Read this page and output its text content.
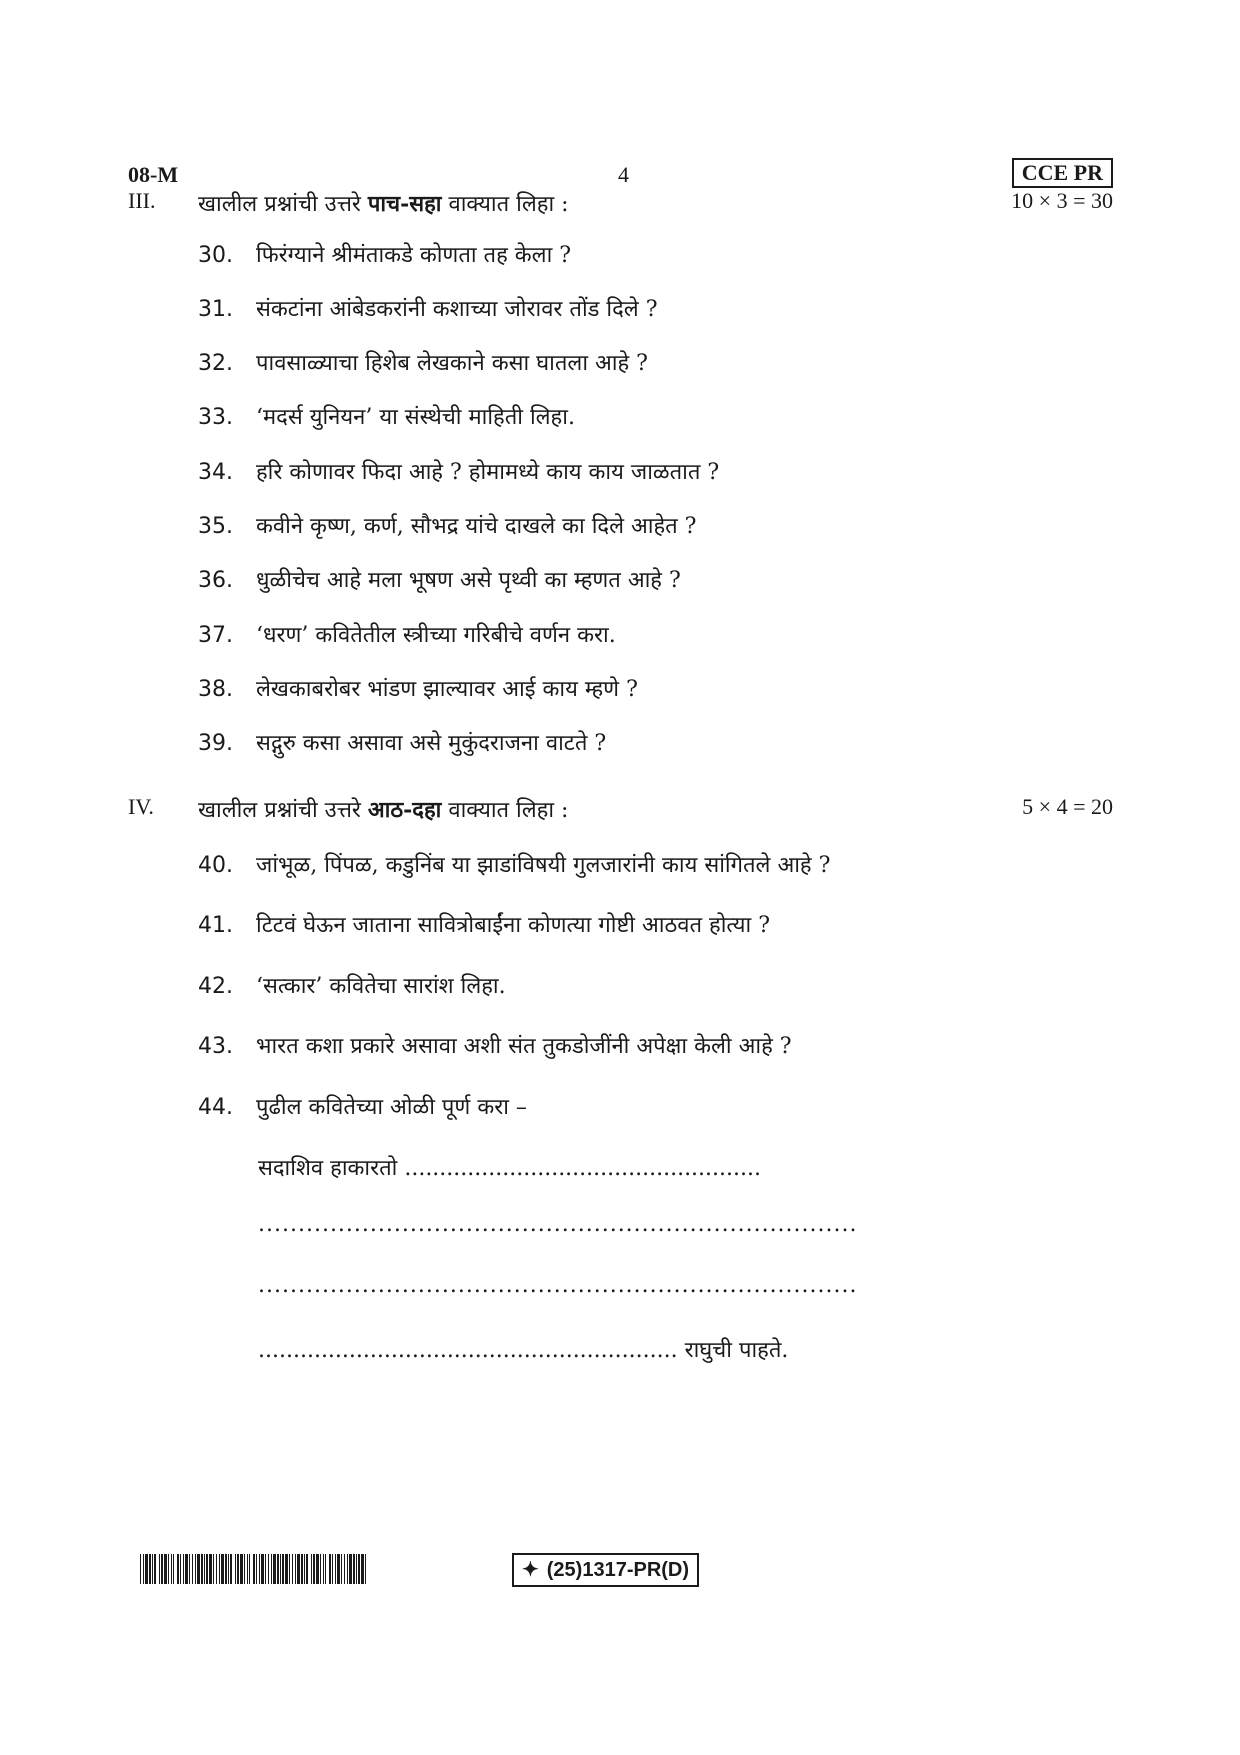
08-M	4	CCE PR
III. खालील प्रश्नांची उत्तरे पाच-सहा वाक्यात लिहा :	10 × 3 = 30
30. फिरंग्याने श्रीमंताकडे कोणता तह केला ?
31. संकटांना आंबेडकरांनी कशाच्या जोरावर तोंड दिले ?
32. पावसाळ्याचा हिशेब लेखकाने कसा घातला आहे ?
33. ‘मदर्स युनियन’ या संस्थेची माहिती लिहा.
34. हरि कोणावर फिदा आहे ? होमामध्ये काय काय जाळतात ?
35. कवीने कृष्ण, कर्ण, सौभद्र यांचे दाखले का दिले आहेत ?
36. धुळीचेच आहे मला भूषण असे पृथ्वी का म्हणत आहे ?
37. ‘धरण’ कवितेतील स्त्रीच्या गरिबीचे वर्णन करा.
38. लेखकाबरोबर भांडण झाल्यावर आई काय म्हणे ?
39. सद्गुरु कसा असावा असे मुकुंदराजना वाटते ?
IV. खालील प्रश्नांची उत्तरे आठ-दहा वाक्यात लिहा :	5 × 4 = 20
40. जांभूळ, पिंपळ, कडुनिंब या झाडांविषयी गुलजारांनी काय सांगितले आहे ?
41. टिटवं घेऊन जाताना सावित्रोबाईंना कोणत्या गोष्टी आठवत होत्या ?
42. ‘सत्कार’ कवितेचा सारांश लिहा.
43. भारत कशा प्रकारे असावा अशी संत तुकडोजींनी अपेक्षा केली आहे ?
44. पुढील कवितेच्या ओळी पूर्ण करा –
सदाशिव हाकारतो ...................................................
...........................................................................
...........................................................................
............................................................ राघुची पाहते.
✦ (25)1317-PR(D)
